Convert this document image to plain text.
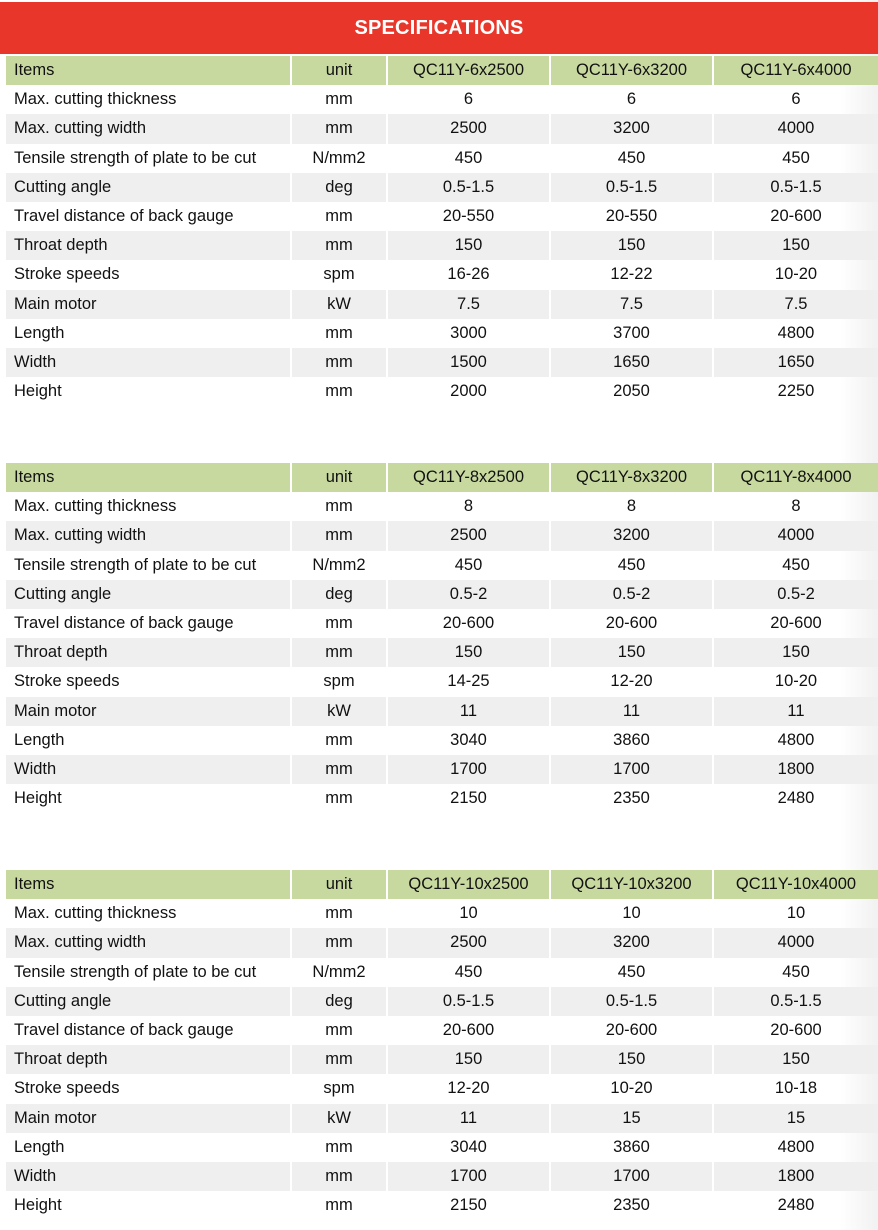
SPECIFICATIONS
Items	unit	QC11Y-6x2500	QC11Y-6x3200	QC11Y-6x4000
Max. cutting thickness	mm	6	6	6
Max. cutting width	mm	2500	3200	4000
Tensile strength of plate to be cut	N/mm2	450	450	450
Cutting angle	deg	0.5-1.5	0.5-1.5	0.5-1.5
Travel distance of back gauge	mm	20-550	20-550	20-600
Throat depth	mm	150	150	150
Stroke speeds	spm	16-26	12-22	10-20
Main motor	kW	7.5	7.5	7.5
Length	mm	3000	3700	4800
Width	mm	1500	1650	1650
Height	mm	2000	2050	2250
Items	unit	QC11Y-8x2500	QC11Y-8x3200	QC11Y-8x4000
Max. cutting thickness	mm	8	8	8
Max. cutting width	mm	2500	3200	4000
Tensile strength of plate to be cut	N/mm2	450	450	450
Cutting angle	deg	0.5-2	0.5-2	0.5-2
Travel distance of back gauge	mm	20-600	20-600	20-600
Throat depth	mm	150	150	150
Stroke speeds	spm	14-25	12-20	10-20
Main motor	kW	11	11	11
Length	mm	3040	3860	4800
Width	mm	1700	1700	1800
Height	mm	2150	2350	2480
Items	unit	QC11Y-10x2500	QC11Y-10x3200	QC11Y-10x4000
Max. cutting thickness	mm	10	10	10
Max. cutting width	mm	2500	3200	4000
Tensile strength of plate to be cut	N/mm2	450	450	450
Cutting angle	deg	0.5-1.5	0.5-1.5	0.5-1.5
Travel distance of back gauge	mm	20-600	20-600	20-600
Throat depth	mm	150	150	150
Stroke speeds	spm	12-20	10-20	10-18
Main motor	kW	11	15	15
Length	mm	3040	3860	4800
Width	mm	1700	1700	1800
Height	mm	2150	2350	2480
